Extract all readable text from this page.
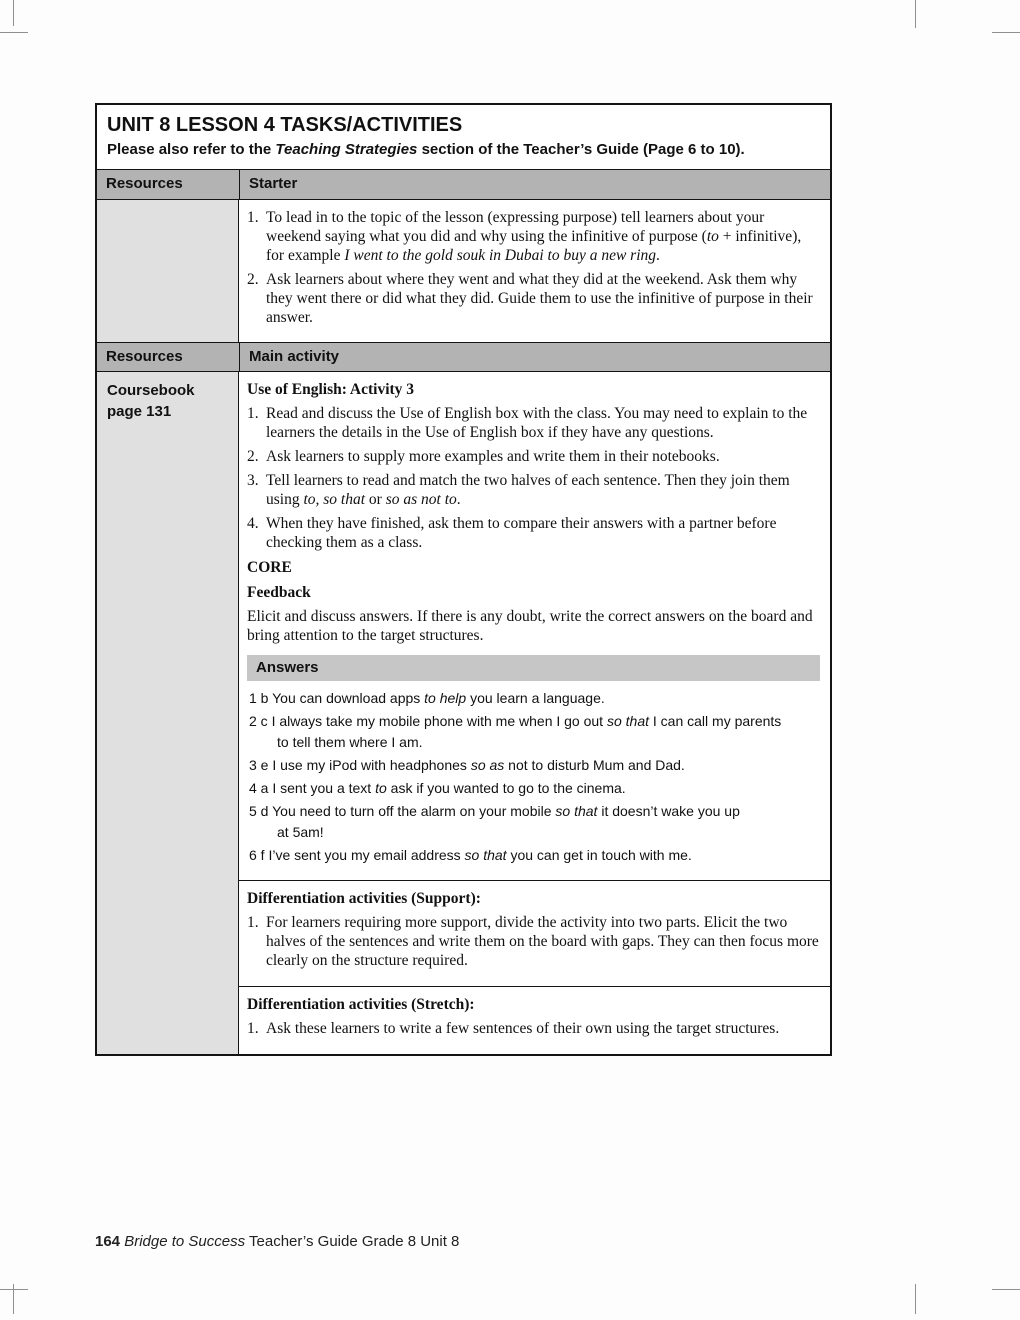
UNIT 8 LESSON 4 TASKS/ACTIVITIES
Please also refer to the Teaching Strategies section of the Teacher’s Guide (Page 6 to 10).
Resources	Starter
1. To lead in to the topic of the lesson (expressing purpose) tell learners about your weekend saying what you did and why using the infinitive of purpose (to + infinitive), for example I went to the gold souk in Dubai to buy a new ring.
2. Ask learners about where they went and what they did at the weekend. Ask them why they went there or did what they did. Guide them to use the infinitive of purpose in their answer.
Resources	Main activity
Coursebook
page 131
Use of English: Activity 3
1. Read and discuss the Use of English box with the class. You may need to explain to the learners the details in the Use of English box if they have any questions.
2. Ask learners to supply more examples and write them in their notebooks.
3. Tell learners to read and match the two halves of each sentence. Then they join them using to, so that or so as not to.
4. When they have finished, ask them to compare their answers with a partner before checking them as a class.
CORE
Feedback
Elicit and discuss answers. If there is any doubt, write the correct answers on the board and bring attention to the target structures.
Answers
1 b You can download apps to help you learn a language.
2 c I always take my mobile phone with me when I go out so that I can call my parents
to tell them where I am.
3 e I use my iPod with headphones so as not to disturb Mum and Dad.
4 a I sent you a text to ask if you wanted to go to the cinema.
5 d You need to turn off the alarm on your mobile so that it doesn’t wake you up
at 5am!
6 f I’ve sent you my email address so that you can get in touch with me.
Differentiation activities (Support):
1. For learners requiring more support, divide the activity into two parts. Elicit the two halves of the sentences and write them on the board with gaps. They can then focus more clearly on the structure required.
Differentiation activities (Stretch):
1. Ask these learners to write a few sentences of their own using the target structures.
164 Bridge to Success Teacher’s Guide Grade 8 Unit 8
